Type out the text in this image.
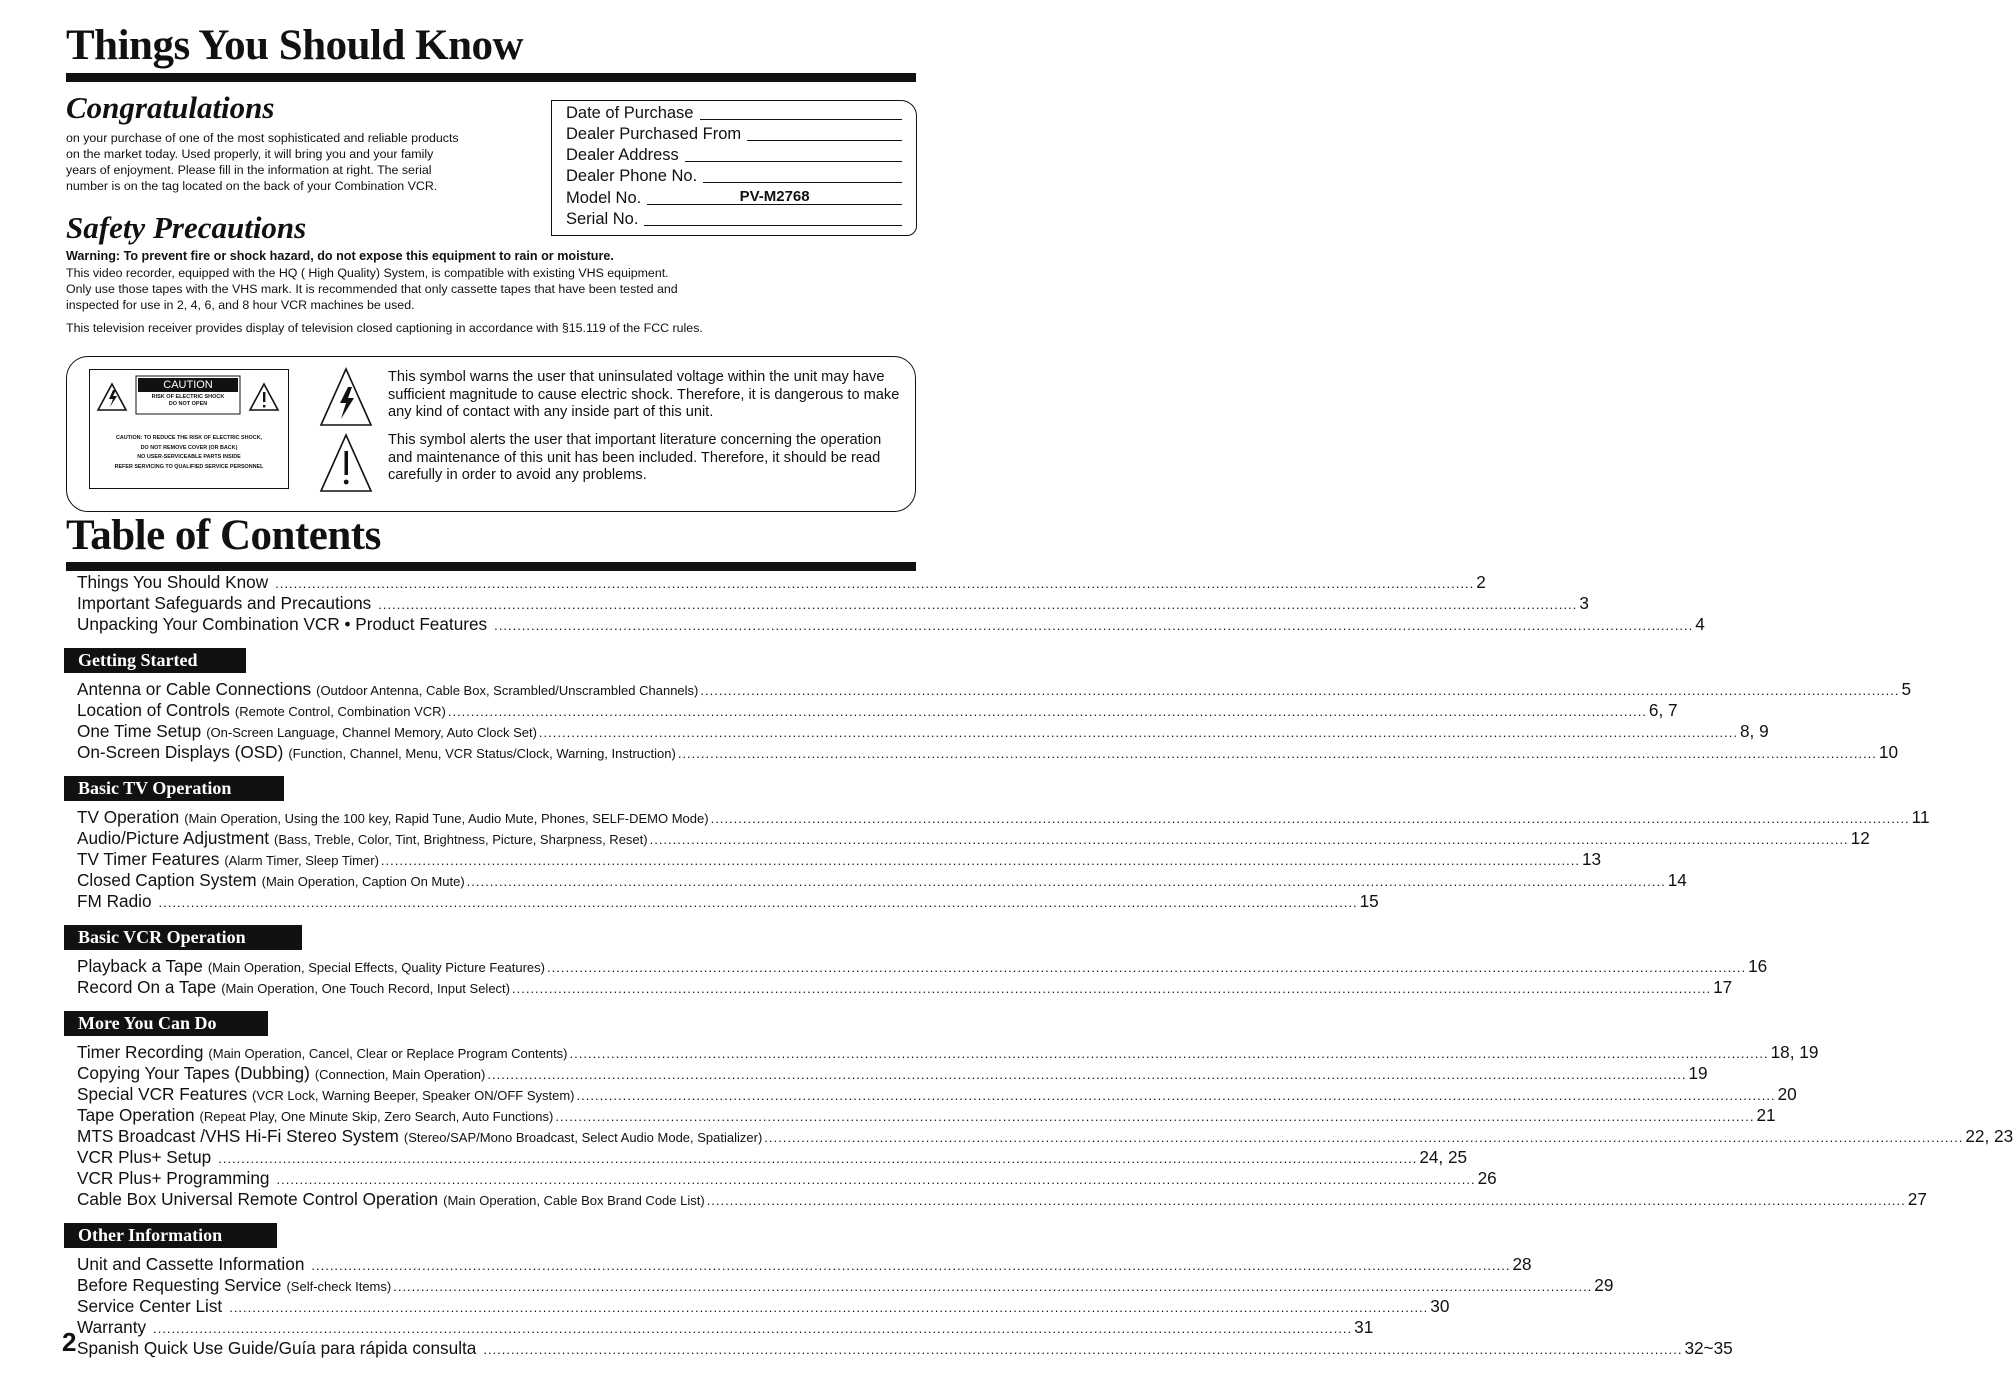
Things You Should Know
Congratulations
on your purchase of one of the most sophisticated and reliable products
on the market today. Used properly, it will bring you and your family
years of enjoyment. Please fill in the information at right. The serial
number is on the tag located on the back of your Combination VCR.
Date of Purchase
Dealer Purchased From
Dealer Address
Dealer Phone No.
Model No.	PV-M2768
Serial No.
Safety Precautions
Warning: To prevent fire or shock hazard, do not expose this equipment to rain or moisture.
This video recorder, equipped with the HQ ( High Quality) System, is compatible with existing VHS equipment.
Only use those tapes with the VHS mark. It is recommended that only cassette tapes that have been tested and
inspected for use in 2, 4, 6, and 8 hour VCR machines be used.
This television receiver provides display of television closed captioning in accordance with §15.119 of the FCC rules.
CAUTION
RISK OF ELECTRIC SHOCK
DO NOT OPEN
CAUTION: TO REDUCE THE RISK OF ELECTRIC SHOCK,
DO NOT REMOVE COVER (OR BACK)
NO USER-SERVICEABLE PARTS INSIDE
REFER SERVICING TO QUALIFIED SERVICE PERSONNEL
This symbol warns the user that uninsulated voltage within the unit may have sufficient magnitude to cause electric shock. Therefore, it is dangerous to make any kind of contact with any inside part of this unit.
This symbol alerts the user that important literature concerning the operation and maintenance of this unit has been included. Therefore, it should be read carefully in order to avoid any problems.
Table of Contents
Things You Should Know .................................................................................................................................................................................................................................................................... 2
Important Safeguards and Precautions .................................................................................................................................................................................................................................................................... 3
Unpacking Your Combination VCR • Product Features .................................................................................................................................................................................................................................................................... 4
Getting Started
Antenna or Cable Connections (Outdoor Antenna, Cable Box, Scrambled/Unscrambled Channels) .................................................................................................................................................................................................................................................................... 5
Location of Controls (Remote Control, Combination VCR) .................................................................................................................................................................................................................................................................... 6, 7
One Time Setup (On-Screen Language, Channel Memory, Auto Clock Set) .................................................................................................................................................................................................................................................................... 8, 9
On-Screen Displays (OSD) (Function, Channel, Menu, VCR Status/Clock, Warning, Instruction) .................................................................................................................................................................................................................................................................... 10
Basic TV Operation
TV Operation (Main Operation, Using the 100 key, Rapid Tune, Audio Mute, Phones, SELF-DEMO Mode) .................................................................................................................................................................................................................................................................... 11
Audio/Picture Adjustment (Bass, Treble, Color, Tint, Brightness, Picture, Sharpness, Reset) .................................................................................................................................................................................................................................................................... 12
TV Timer Features (Alarm Timer, Sleep Timer) .................................................................................................................................................................................................................................................................... 13
Closed Caption System (Main Operation, Caption On Mute) .................................................................................................................................................................................................................................................................... 14
FM Radio .................................................................................................................................................................................................................................................................... 15
Basic VCR Operation
Playback a Tape (Main Operation, Special Effects, Quality Picture Features) .................................................................................................................................................................................................................................................................... 16
Record On a Tape (Main Operation, One Touch Record, Input Select) .................................................................................................................................................................................................................................................................... 17
More You Can Do
Timer Recording (Main Operation, Cancel, Clear or Replace Program Contents) .................................................................................................................................................................................................................................................................... 18, 19
Copying Your Tapes (Dubbing) (Connection, Main Operation) .................................................................................................................................................................................................................................................................... 19
Special VCR Features (VCR Lock, Warning Beeper, Speaker ON/OFF System) .................................................................................................................................................................................................................................................................... 20
Tape Operation (Repeat Play, One Minute Skip, Zero Search, Auto Functions) .................................................................................................................................................................................................................................................................... 21
MTS Broadcast /VHS Hi-Fi Stereo System (Stereo/SAP/Mono Broadcast, Select Audio Mode, Spatializer) .................................................................................................................................................................................................................................................................... 22, 23
VCR Plus+ Setup .................................................................................................................................................................................................................................................................... 24, 25
VCR Plus+ Programming .................................................................................................................................................................................................................................................................... 26
Cable Box Universal Remote Control Operation (Main Operation, Cable Box Brand Code List) .................................................................................................................................................................................................................................................................... 27
Other Information
Unit and Cassette Information .................................................................................................................................................................................................................................................................... 28
Before Requesting Service (Self-check Items) .................................................................................................................................................................................................................................................................... 29
Service Center List .................................................................................................................................................................................................................................................................... 30
Warranty .................................................................................................................................................................................................................................................................... 31
Spanish Quick Use Guide/Guía para rápida consulta .................................................................................................................................................................................................................................................................... 32~35
2
